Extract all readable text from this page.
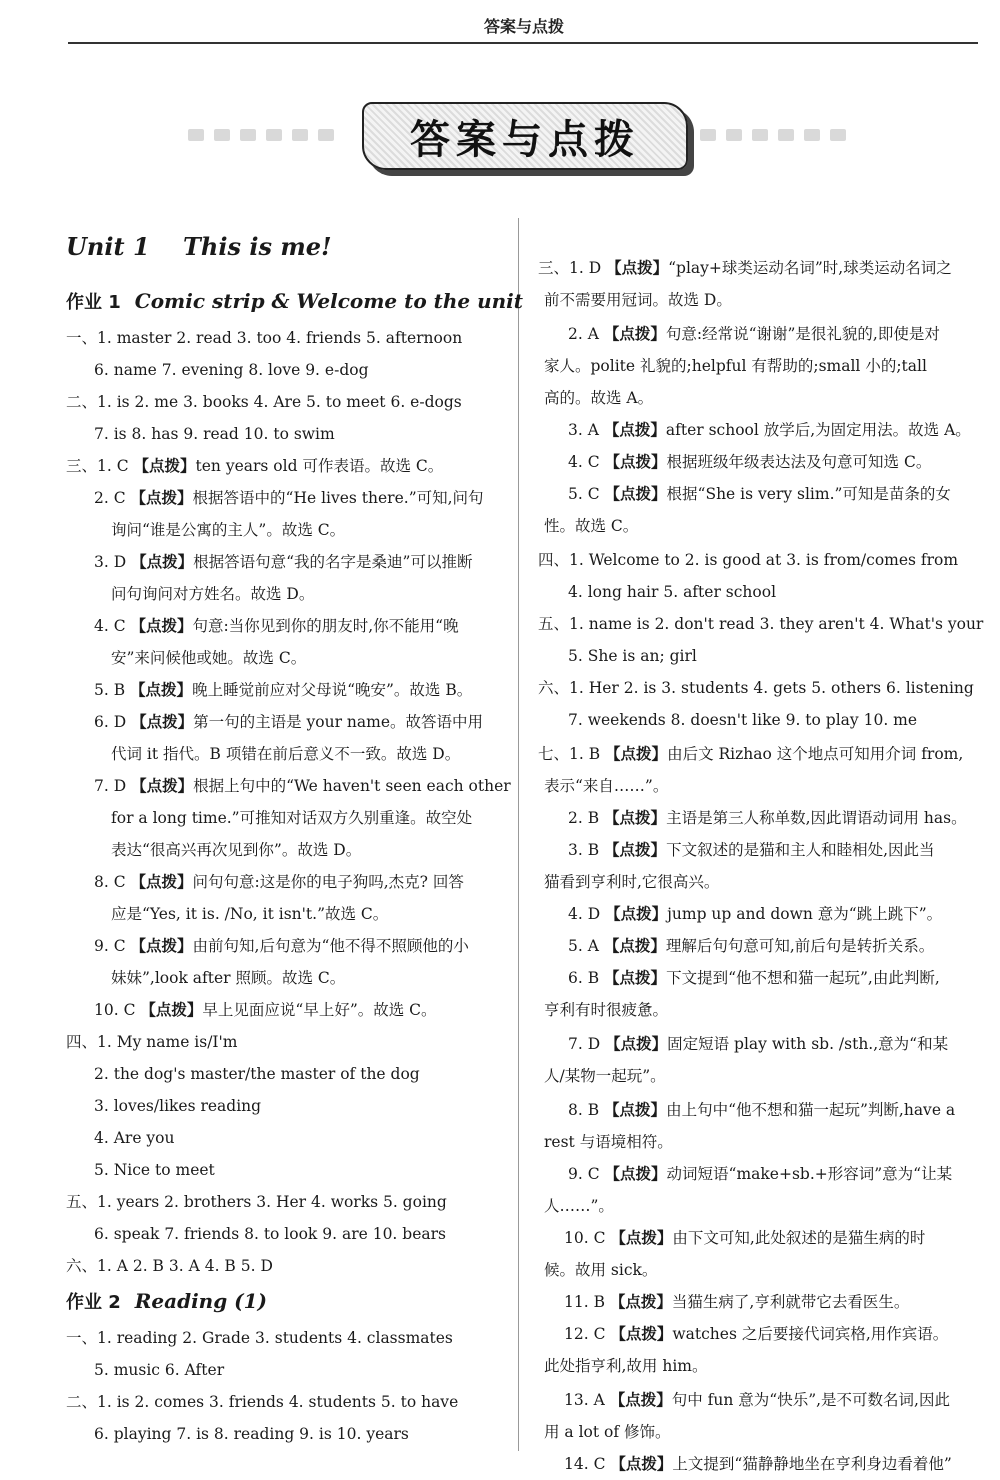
答案与点拨
答案与点拨
Unit 1    This is me!
作业 1 Comic strip & Welcome to the unit
作业 2 Reading (1)
一、1. master 2. read 3. too 4. friends 5. afternoon
6. name 7. evening 8. love 9. e-dog
二、1. is 2. me 3. books 4. Are 5. to meet 6. e-dogs
7. is 8. has 9. read 10. to swim
三、1. C 【点拨】ten years old 可作表语。故选 C。
2. C 【点拨】根据答语中的“He lives there.”可知,问句
询问“谁是公寓的主人”。故选 C。
3. D 【点拨】根据答语句意“我的名字是桑迪”可以推断
问句询问对方姓名。故选 D。
4. C 【点拨】句意:当你见到你的朋友时,你不能用“晚
安”来问候他或她。故选 C。
5. B 【点拨】晚上睡觉前应对父母说“晚安”。故选 B。
6. D 【点拨】第一句的主语是 your name。故答语中用
代词 it 指代。B 项错在前后意义不一致。故选 D。
7. D 【点拨】根据上句中的“We haven't seen each other
for a long time.”可推知对话双方久别重逢。故空处
表达“很高兴再次见到你”。故选 D。
8. C 【点拨】问句句意:这是你的电子狗吗,杰克? 回答
应是“Yes, it is. /No, it isn't.”故选 C。
9. C 【点拨】由前句知,后句意为“他不得不照顾他的小
妹妹”,look after 照顾。故选 C。
10. C 【点拨】早上见面应说“早上好”。故选 C。
四、1. My name is/I'm
2. the dog's master/the master of the dog
3. loves/likes reading
4. Are you
5. Nice to meet
五、1. years 2. brothers 3. Her 4. works 5. going
6. speak 7. friends 8. to look 9. are 10. bears
六、1. A 2. B 3. A 4. B 5. D
一、1. reading 2. Grade 3. students 4. classmates
5. music 6. After
二、1. is 2. comes 3. friends 4. students 5. to have
6. playing 7. is 8. reading 9. is 10. years
三、1. D 【点拨】“play+球类运动名词”时,球类运动名词之
前不需要用冠词。故选 D。
2. A 【点拨】句意:经常说“谢谢”是很礼貌的,即使是对
家人。polite 礼貌的;helpful 有帮助的;small 小的;tall
高的。故选 A。
3. A 【点拨】after school 放学后,为固定用法。故选 A。
4. C 【点拨】根据班级年级表达法及句意可知选 C。
5. C 【点拨】根据“She is very slim.”可知是苗条的女
性。故选 C。
四、1. Welcome to 2. is good at 3. is from/comes from
4. long hair 5. after school
五、1. name is 2. don't read 3. they aren't 4. What's your
5. She is an; girl
六、1. Her 2. is 3. students 4. gets 5. others 6. listening
7. weekends 8. doesn't like 9. to play 10. me
七、1. B 【点拨】由后文 Rizhao 这个地点可知用介词 from,
表示“来自……”。
2. B 【点拨】主语是第三人称单数,因此谓语动词用 has。
3. B 【点拨】下文叙述的是猫和主人和睦相处,因此当
猫看到亨利时,它很高兴。
4. D 【点拨】jump up and down 意为“跳上跳下”。
5. A 【点拨】理解后句句意可知,前后句是转折关系。
6. B 【点拨】下文提到“他不想和猫一起玩”,由此判断,
亨利有时很疲惫。
7. D 【点拨】固定短语 play with sb. /sth.,意为“和某
人/某物一起玩”。
8. B 【点拨】由上句中“他不想和猫一起玩”判断,have a
rest 与语境相符。
9. C 【点拨】动词短语“make+sb.+形容词”意为“让某
人……”。
10. C 【点拨】由下文可知,此处叙述的是猫生病的时
候。故用 sick。
11. B 【点拨】当猫生病了,亨利就带它去看医生。
12. C 【点拨】watches 之后要接代词宾格,用作宾语。
此处指亨利,故用 him。
13. A 【点拨】句中 fun 意为“快乐”,是不可数名词,因此
用 a lot of 修饰。
14. C 【点拨】上文提到“猫静静地坐在亨利身边看着他”
